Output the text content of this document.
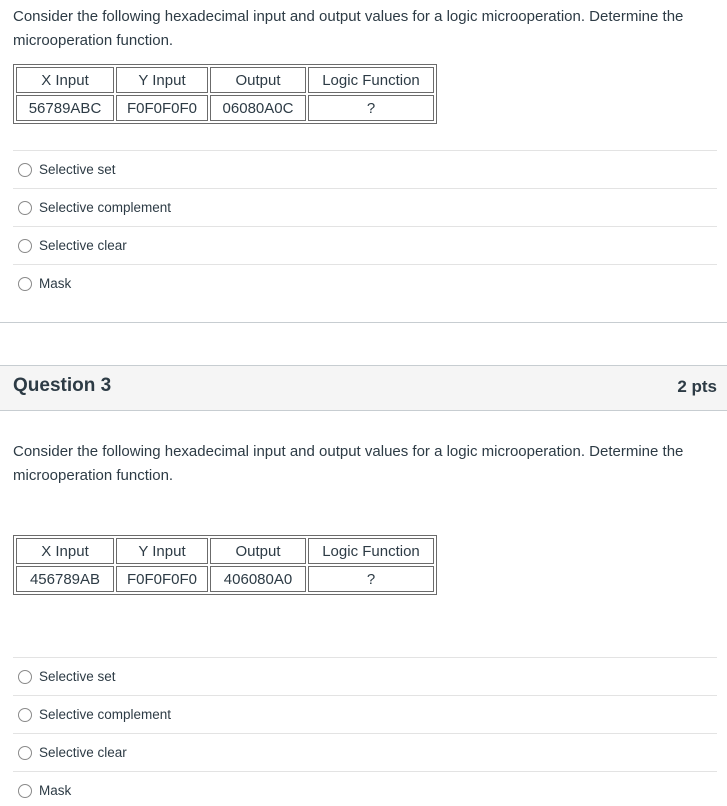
Consider the following hexadecimal input and output values for a logic microoperation. Determine the microoperation function.
X Input	Y Input	Output	Logic Function
56789ABC	F0F0F0F0	06080A0C	?
Selective set
Selective complement
Selective clear
Mask
Question 3	2 pts
Consider the following hexadecimal input and output values for a logic microoperation. Determine the microoperation function.
X Input	Y Input	Output	Logic Function
456789AB	F0F0F0F0	406080A0	?
Selective set
Selective complement
Selective clear
Mask
